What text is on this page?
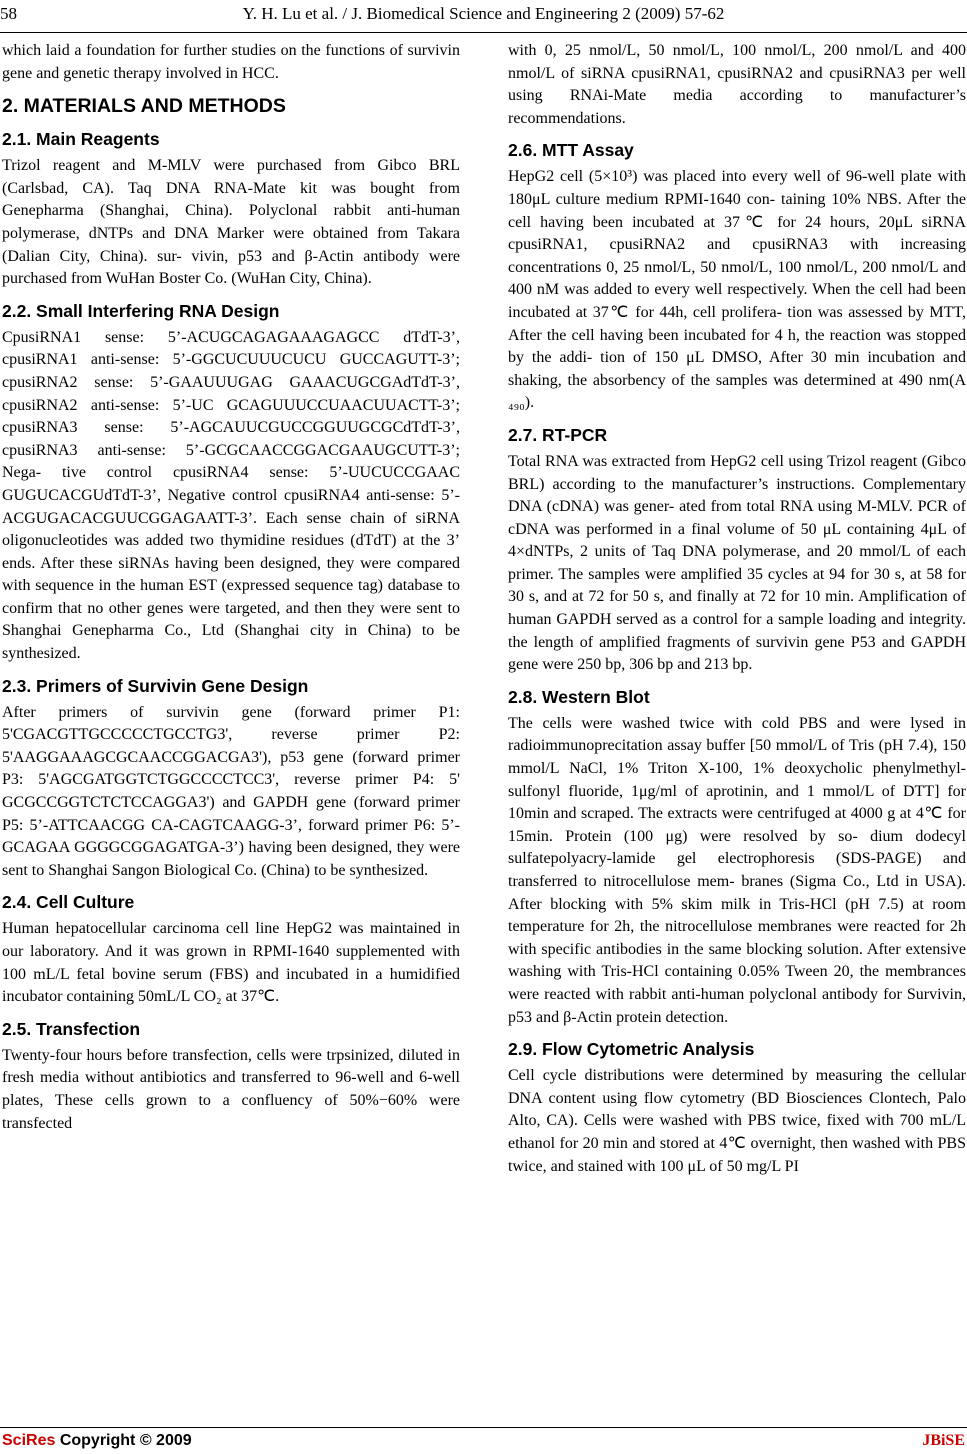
58	Y. H. Lu et al. / J. Biomedical Science and Engineering 2 (2009) 57-62

which laid a foundation for further studies on the functions of survivin gene and genetic therapy involved in HCC.

2. MATERIALS AND METHODS
2.1. Main Reagents

Trizol reagent and M-MLV were purchased from Gibco BRL (Carlsbad, CA). Taq DNA RNA-Mate kit was bought from Genepharma (Shanghai, China). Polyclonal rabbit anti-human polymerase, dNTPs and DNA Marker were obtained from Takara (Dalian City, China). sur- vivin, p53 and β-Actin antibody were purchased from WuHan Boster Co. (WuHan City, China).

2.2. Small Interfering RNA Design

CpusiRNA1 sense: 5’-ACUGCAGAGAAAGAGCC dTdT-3’, cpusiRNA1 anti-sense: 5’-GGCUCUUUCUCU GUCCAGUTT-3’; cpusiRNA2 sense: 5’-GAAUUUGAG GAAACUGCGAdTdT-3’, cpusiRNA2 anti-sense: 5’-UC GCAGUUUCCUAACUUACTT-3’; cpusiRNA3 sense: 5’-AGCAUUCGUCCGGUUGCGCdTdT-3’, cpusiRNA3 anti-sense: 5’-GCGCAACCGGACGAAUGCUTT-3’; Nega- tive control cpusiRNA4 sense: 5’-UUCUCCGAAC GUGUCACGUdTdT-3’, Negative control cpusiRNA4 anti-sense: 5’-ACGUGACACGUUCGGAGAATT-3’. Each sense chain of siRNA oligonucleotides was added two thymidine residues (dTdT) at the 3’ ends. After these siRNAs having been designed, they were compared with sequence in the human EST (expressed sequence tag) database to confirm that no other genes were targeted, and then they were sent to Shanghai Genepharma Co., Ltd (Shanghai city in China) to be synthesized.

2.3. Primers of Survivin Gene Design

After primers of survivin gene (forward primer P1: 5'CGACGTTGCCCCCTGCCTG3', reverse primer P2: 5'AAGGAAAGCGCAACCGGACGA3'), p53 gene (forward primer P3: 5'AGCGATGGTCTGGCCCCTCC3', reverse primer P4: 5' GCGCCGGTCTCTCCAGGA3') and GAPDH gene (forward primer P5: 5’-ATTCAACGG CA-CAGTCAAGG-3’, forward primer P6: 5’-GCAGAA GGGGCGGAGATGA-3’) having been designed, they were sent to Shanghai Sangon Biological Co. (China) to be synthesized.

2.4. Cell Culture

Human hepatocellular carcinoma cell line HepG2 was maintained in our laboratory. And it was grown in RPMI-1640 supplemented with 100 mL/L fetal bovine serum (FBS) and incubated in a humidified incubator containing 50mL/L CO₂ at 37℃.

2.5. Transfection

Twenty-four hours before transfection, cells were trpsinized, diluted in fresh media without antibiotics and transferred to 96-well and 6-well plates, These cells grown to a confluency of 50%−60% were transfected

with 0, 25 nmol/L, 50 nmol/L, 100 nmol/L, 200 nmol/L and 400 nmol/L of siRNA cpusiRNA1, cpusiRNA2 and cpusiRNA3 per well using RNAi-Mate media according to manufacturer’s recommendations.

2.6. MTT Assay

HepG2 cell (5×10³) was placed into every well of 96-well plate with 180μL culture medium RPMI-1640 con- taining 10% NBS. After the cell having been incubated at 37℃ for 24 hours, 20μL siRNA cpusiRNA1, cpusiRNA2 and cpusiRNA3 with increasing concentrations 0, 25 nmol/L, 50 nmol/L, 100 nmol/L, 200 nmol/L and 400 nM was added to every well respectively. When the cell had been incubated at 37℃ for 44h, cell prolifera- tion was assessed by MTT, After the cell having been incubated for 4 h, the reaction was stopped by the addi- tion of 150 μL DMSO, After 30 min incubation and shaking, the absorbency of the samples was determined at 490 nm(A ₄₉₀).

2.7. RT-PCR

Total RNA was extracted from HepG2 cell using Trizol reagent (Gibco BRL) according to the manufacturer’s instructions. Complementary DNA (cDNA) was gener- ated from total RNA using M-MLV. PCR of cDNA was performed in a final volume of 50 μL containing 4μL of 4×dNTPs, 2 units of Taq DNA polymerase, and 20 mmol/L of each primer. The samples were amplified 35 cycles at 94 for 30 s, at 58 for 30 s, and at 72 for 50 s, and finally at 72 for 10 min. Amplification of human GAPDH served as a control for a sample loading and integrity. the length of amplified fragments of survivin gene P53 and GAPDH gene were 250 bp, 306 bp and 213 bp.

2.8. Western Blot

The cells were washed twice with cold PBS and were lysed in radioimmunoprecitation assay buffer [50 mmol/L of Tris (pH 7.4), 150 mmol/L NaCl, 1% Triton X-100, 1% deoxycholic phenylmethyl-sulfonyl fluoride, 1μg/ml of aprotinin, and 1 mmol/L of DTT] for 10min and scraped. The extracts were centrifuged at 4000 g at 4℃ for 15min. Protein (100 μg) were resolved by so- dium dodecyl sulfatepolyacry-lamide gel electrophoresis (SDS-PAGE) and transferred to nitrocellulose mem- branes (Sigma Co., Ltd in USA). After blocking with 5% skim milk in Tris-HCl (pH 7.5) at room temperature for 2h, the nitrocellulose membranes were reacted for 2h with specific antibodies in the same blocking solution. After extensive washing with Tris-HCl containing 0.05% Tween 20, the membrances were reacted with rabbit anti-human polyclonal antibody for Survivin, p53 and β-Actin protein detection.

2.9. Flow Cytometric Analysis

Cell cycle distributions were determined by measuring the cellular DNA content using flow cytometry (BD Biosciences Clontech, Palo Alto, CA). Cells were washed with PBS twice, fixed with 700 mL/L ethanol for 20 min and stored at 4℃ overnight, then washed with PBS twice, and stained with 100 μL of 50 mg/L PI

SciRes Copyright © 2009	JBiSE
